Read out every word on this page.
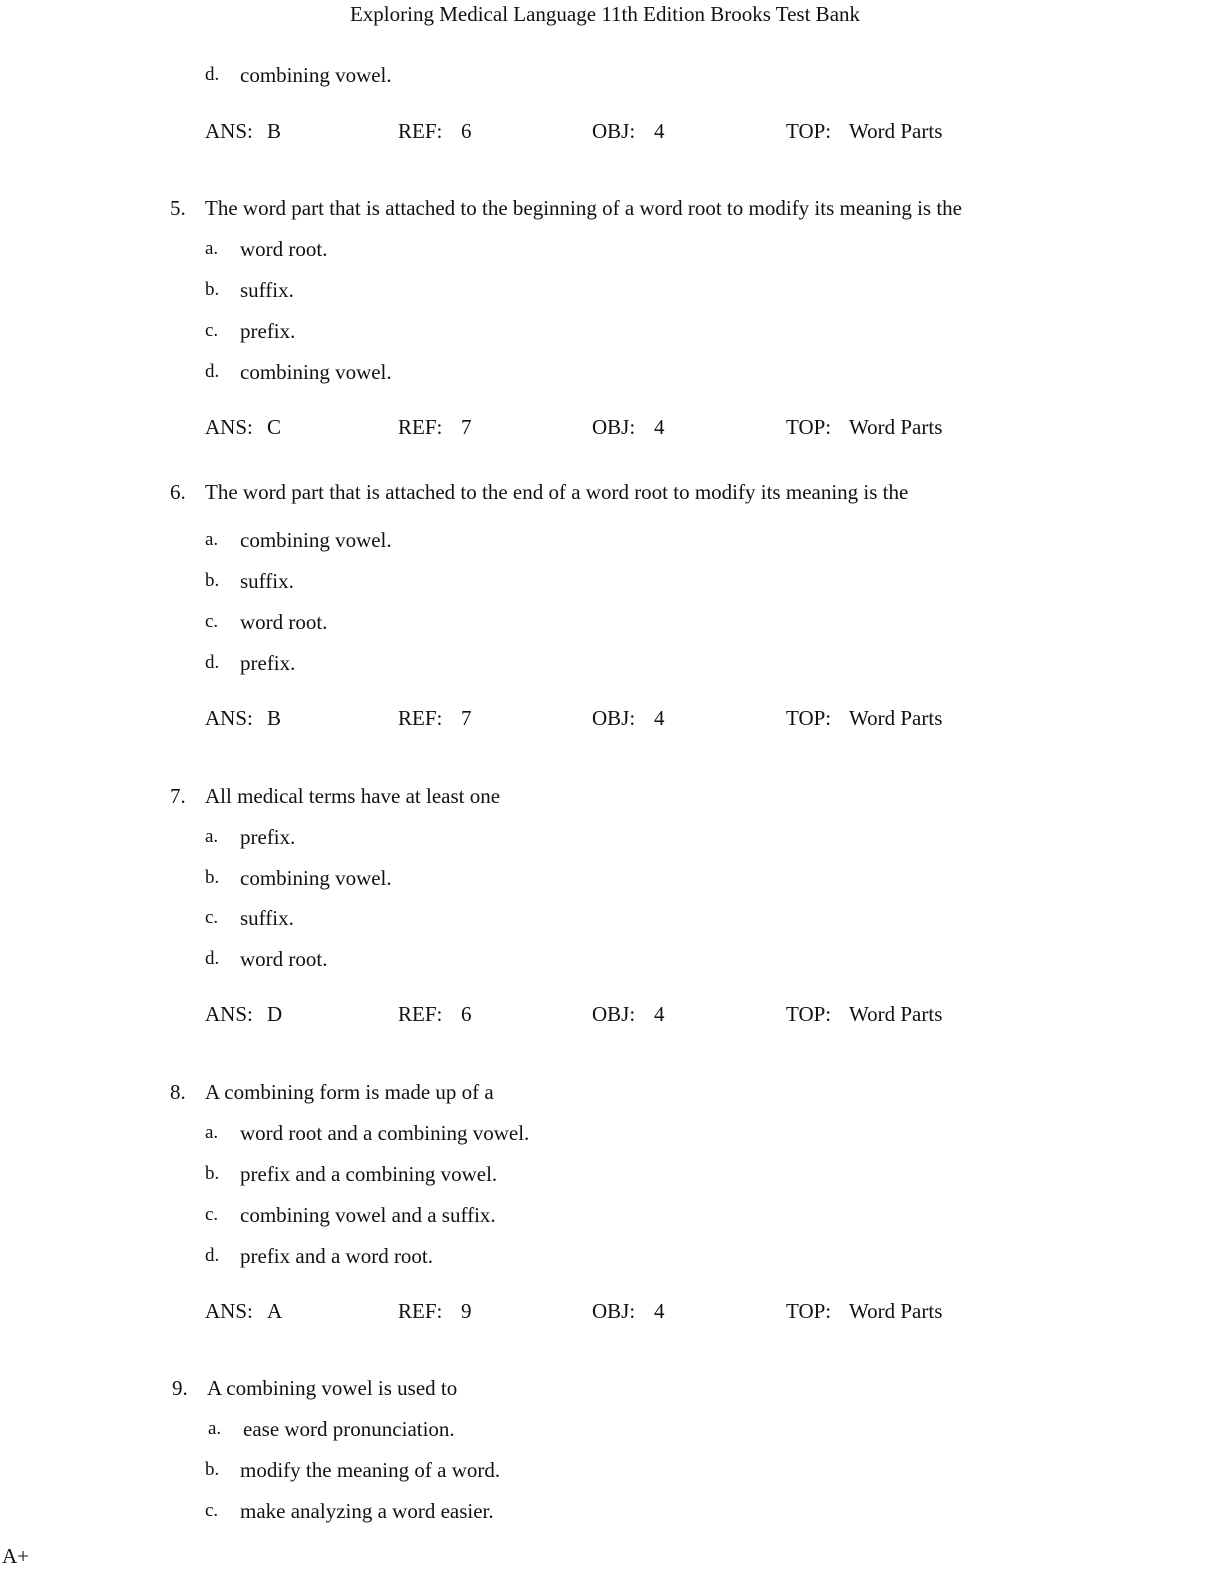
Exploring Medical Language 11th Edition Brooks Test Bank
d. combining vowel.
ANS: B	REF: 6	OBJ: 4	TOP: Word Parts
5. The word part that is attached to the beginning of a word root to modify its meaning is the
a. word root.
b. suffix.
c. prefix.
d. combining vowel.
ANS: C	REF: 7	OBJ: 4	TOP: Word Parts
6. The word part that is attached to the end of a word root to modify its meaning is the
a. combining vowel.
b. suffix.
c. word root.
d. prefix.
ANS: B	REF: 7	OBJ: 4	TOP: Word Parts
7. All medical terms have at least one
a. prefix.
b. combining vowel.
c. suffix.
d. word root.
ANS: D	REF: 6	OBJ: 4	TOP: Word Parts
8. A combining form is made up of a
a. word root and a combining vowel.
b. prefix and a combining vowel.
c. combining vowel and a suffix.
d. prefix and a word root.
ANS: A	REF: 9	OBJ: 4	TOP: Word Parts
9. A combining vowel is used to
a. ease word pronunciation.
b. modify the meaning of a word.
c. make analyzing a word easier.
A+
